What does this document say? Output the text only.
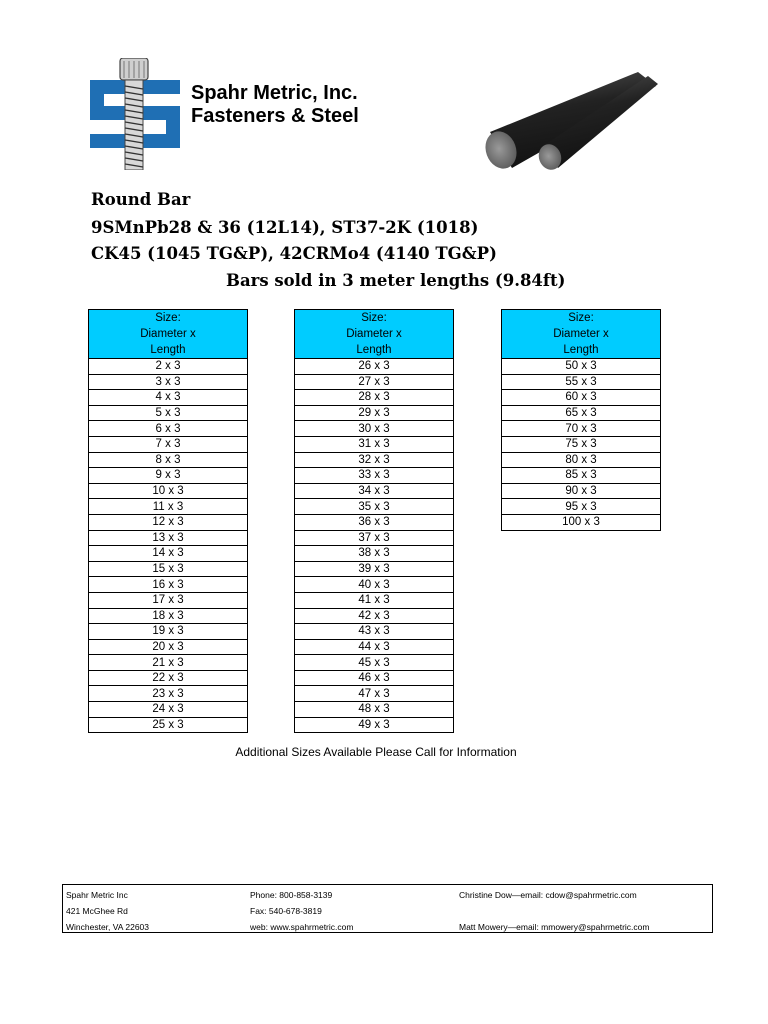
Spahr Metric, Inc.
Fasteners & Steel
Round Bar
9SMnPb28 & 36 (12L14), ST37-2K (1018)
CK45 (1045 TG&P), 42CRMo4 (4140 TG&P)
Bars sold in 3 meter lengths (9.84ft)
Size:
Diameter x
Length

2 x 3
3 x 3
4 x 3
5 x 3
6 x 3
7 x 3
8 x 3
9 x 3
10 x 3
11 x 3
12 x 3
13 x 3
14 x 3
15 x 3
16 x 3
17 x 3
18 x 3
19 x 3
20 x 3
21 x 3
22 x 3
23 x 3
24 x 3
25 x 3
Size:
Diameter x
Length

26 x 3
27 x 3
28 x 3
29 x 3
30 x 3
31 x 3
32 x 3
33 x 3
34 x 3
35 x 3
36 x 3
37 x 3
38 x 3
39 x 3
40 x 3
41 x 3
42 x 3
43 x 3
44 x 3
45 x 3
46 x 3
47 x 3
48 x 3
49 x 3
Size:
Diameter x
Length

50 x 3
55 x 3
60 x 3
65 x 3
70 x 3
75 x 3
80 x 3
85 x 3
90 x 3
95 x 3
100 x 3
Additional Sizes Available Please Call for Information
Spahr Metric Inc
421 McGhee Rd
Winchester, VA 22603
Phone: 800-858-3139
Fax: 540-678-3819
web: www.spahrmetric.com
Christine Dow—email: cdow@spahrmetric.com
Matt Mowery—email: mmowery@spahrmetric.com
